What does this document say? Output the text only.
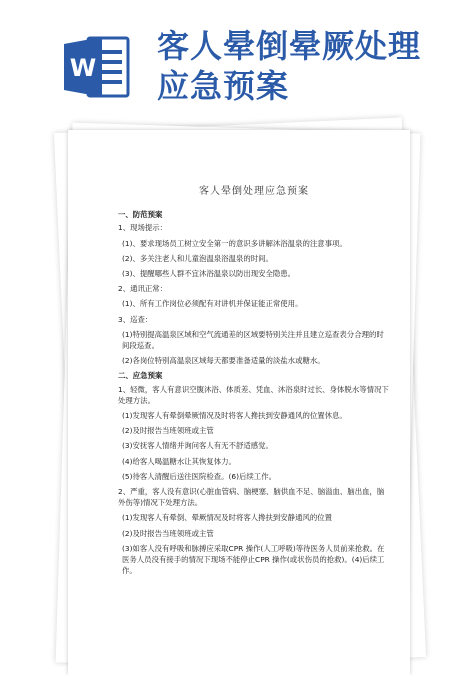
W
客人晕倒晕厥处理
应急预案
客人晕倒处理应急预案
一、防范预案
1、现场提示：
(1)、要求现场员工树立安全第一的意识多讲解沐浴温泉的注意事项。
(2)、多关注老人和儿童泡温泉浴温泉的时间。
(3)、提醒哪些人群不宜沐浴温泉以防出现安全隐患。
2、通讯正常：
(1)、所有工作岗位必须配有对讲机并保证能正常使用。
3、巡查：
(1)特别提高温泉区域和空气流通差的区域要特别关注并且建立巡查表分合理的时间段巡查。
(2)各岗位特别高温泉区域每天都要准备适量的淡盐水或糖水。
二、应急预案
1、轻微，客人有意识空腹沐浴、体质差、凭血、沐浴泉时过长、身体脱水等情况下处理方法。
(1)发现客人有晕倒晕厥情况及时将客人搀扶到安静通风的位置休息。
(2)及时报告当班领班或主管
(3)安抚客人情绪并询问客人有无不舒适感觉。
(4)给客人喝温糖水让其恢复体力。
(5)待客人清醒后送往医院检查。(6)后续工作。
2、严重，客人没有意识(心脏血管病、脑梗塞、脑供血不足、脑溢血、脑出血，脑外伤等)情况下处理方法。
(1)发现客人有晕倒、晕厥情况及时将客人搀扶到安静通风的位置
(2)及时报告当班领班或主管
(3)如客人没有呼吸和脉搏应采取CPR 操作(人工呼吸)等待医务人员前来抢救。在医务人员没有接手的情况下现场不能停止CPR 操作(或状伤员的抢救)。(4)后续工作。
